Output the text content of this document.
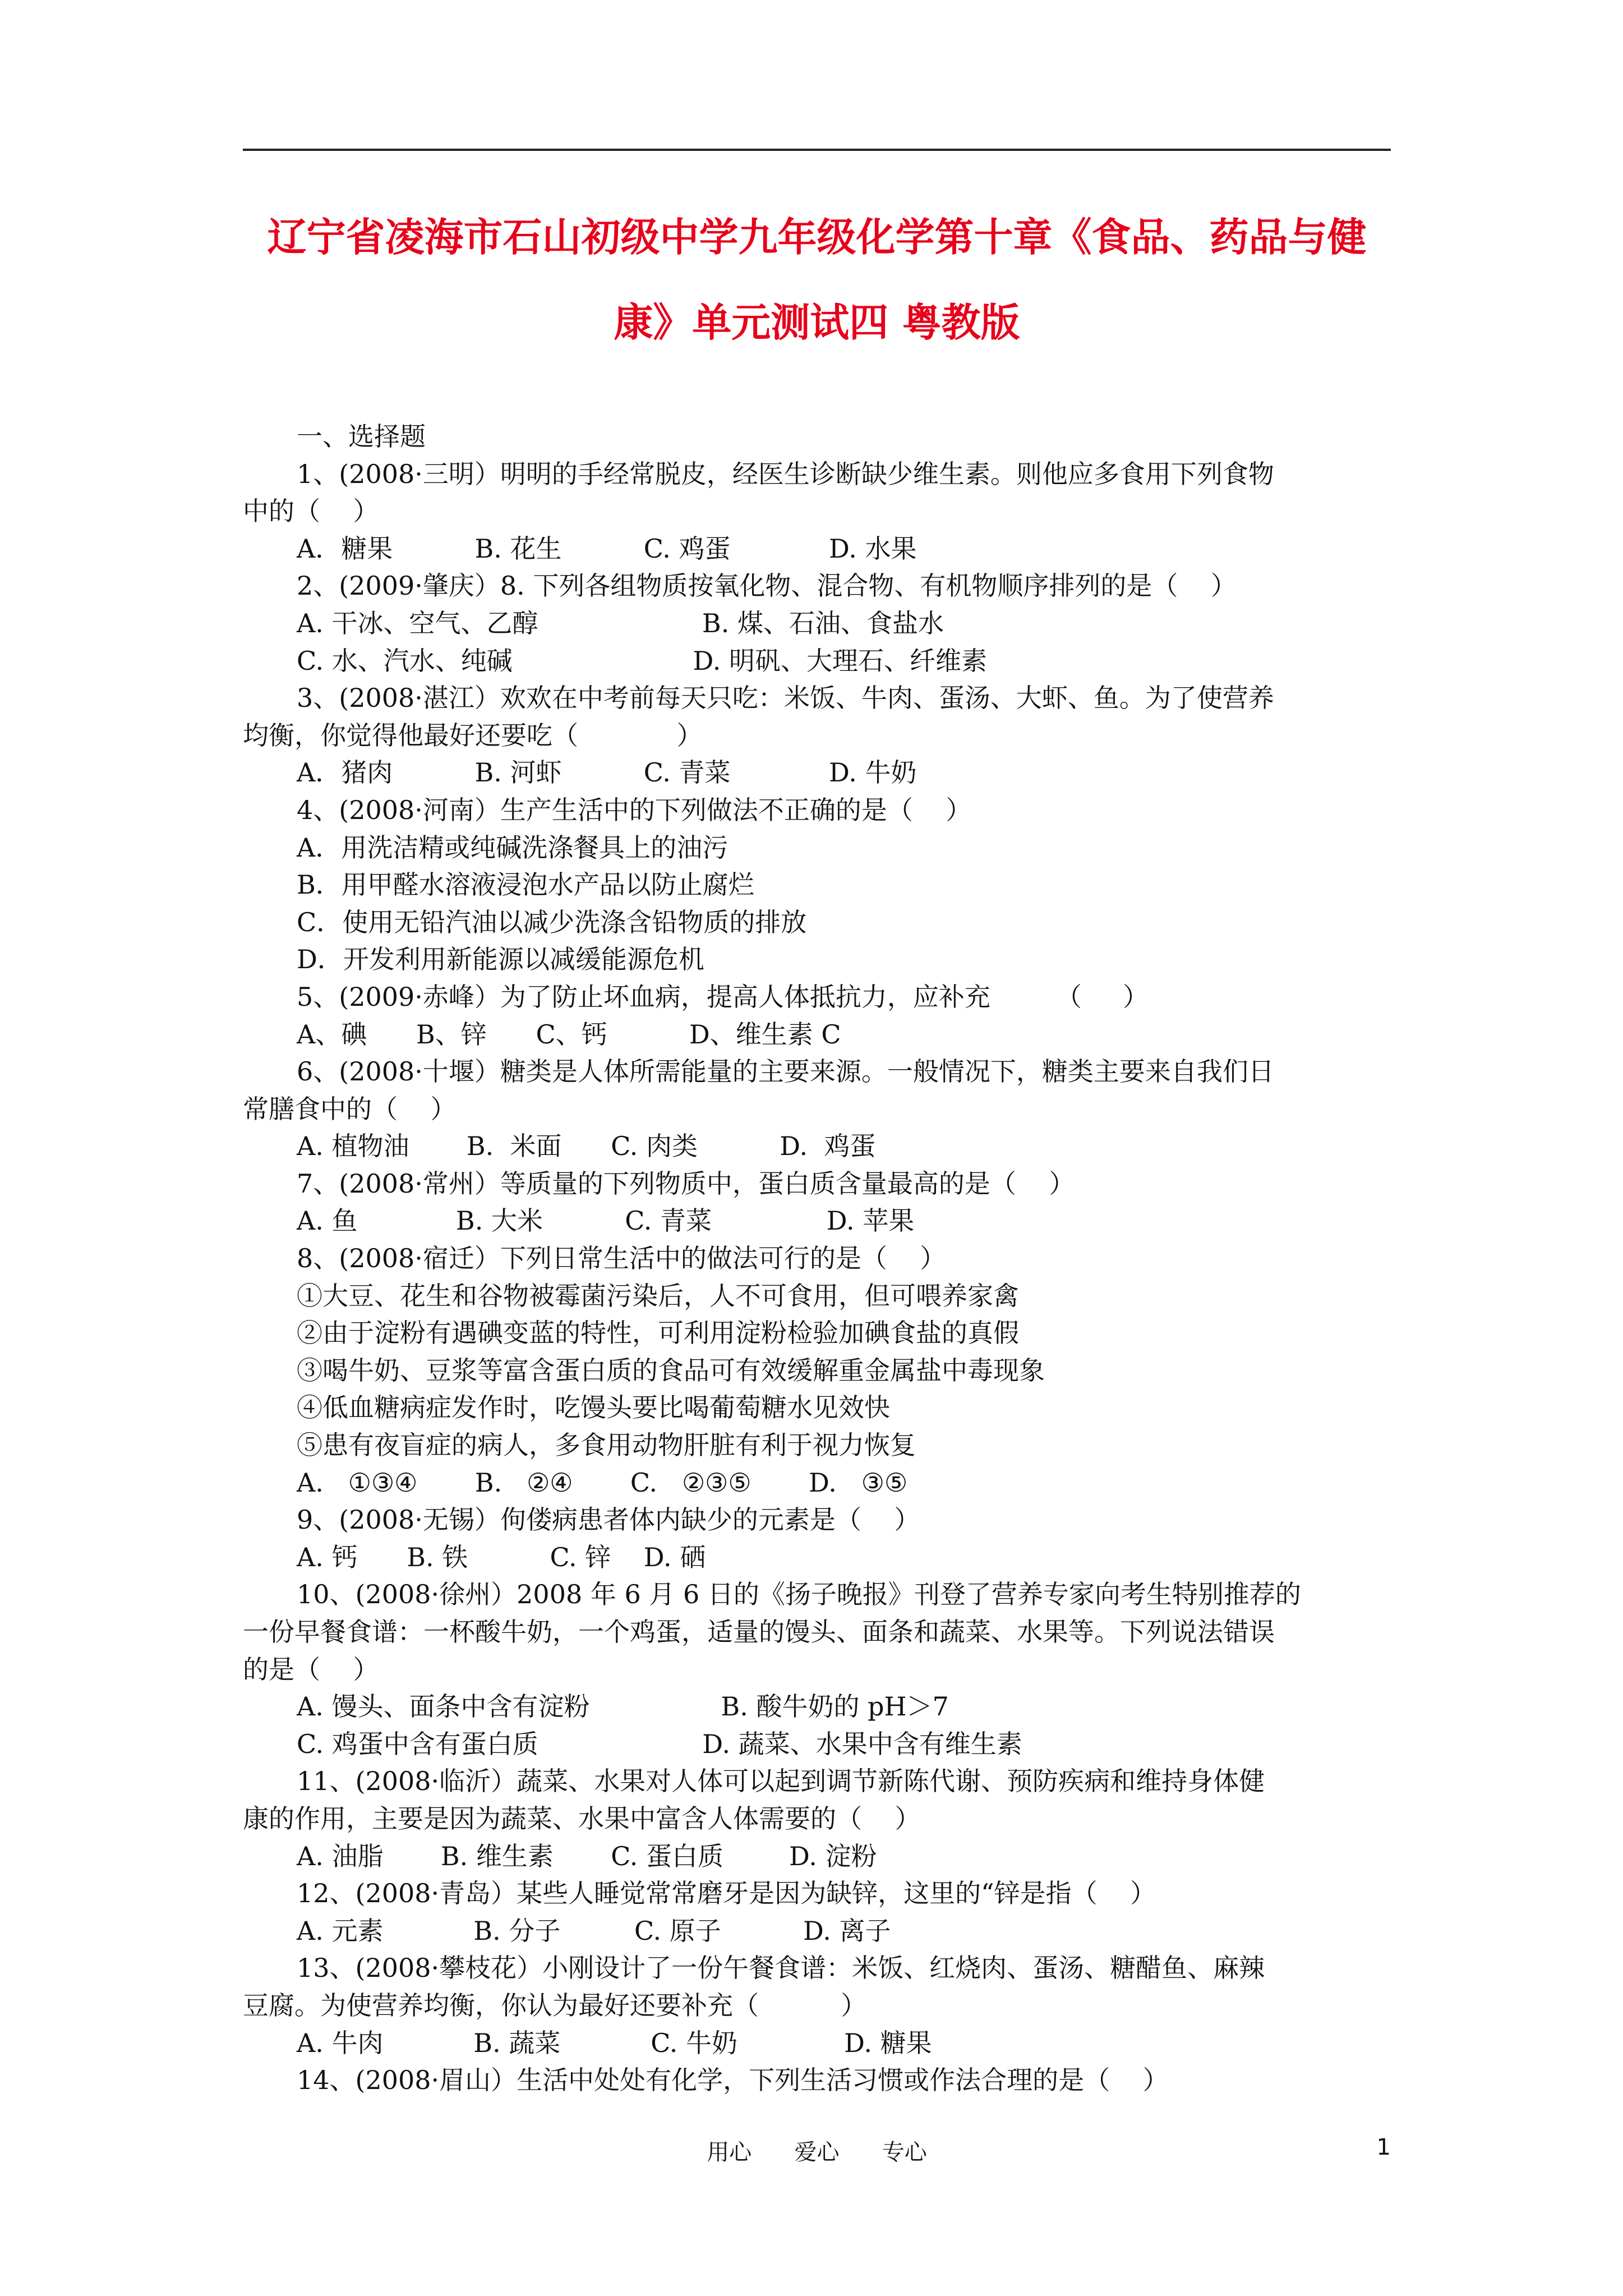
辽宁省凌海市石山初级中学九年级化学第十章《食品、药品与健
康》单元测试四 粤教版
一、选择题
1、(2008·三明）明明的手经常脱皮，经医生诊断缺少维生素。则他应多食用下列食物
中的（    ）
A．糖果          B. 花生          C. 鸡蛋            D. 水果
2、(2009·肇庆）8. 下列各组物质按氧化物、混合物、有机物顺序排列的是（    ）
A. 干冰、空气、乙醇                    B. 煤、石油、食盐水
C. 水、汽水、纯碱                      D. 明矾、大理石、纤维素
3、(2008·湛江）欢欢在中考前每天只吃：米饭、牛肉、蛋汤、大虾、鱼。为了使营养
均衡，你觉得他最好还要吃（            ）
A．猪肉          B. 河虾          C. 青菜            D. 牛奶
4、(2008·河南）生产生活中的下列做法不正确的是（    ）
A．用洗洁精或纯碱洗涤餐具上的油污
B．用甲醛水溶液浸泡水产品以防止腐烂
C．使用无铅汽油以减少洗涤含铅物质的排放
D．开发利用新能源以减缓能源危机
5、(2009·赤峰）为了防止坏血病，提高人体抵抗力，应补充        （     ）
A、碘      B、锌      C、钙          D、维生素 C
6、(2008·十堰）糖类是人体所需能量的主要来源。一般情况下，糖类主要来自我们日
常膳食中的（    ）
A. 植物油       B.  米面      C. 肉类          D.  鸡蛋
7、(2008·常州）等质量的下列物质中，蛋白质含量最高的是（    ）
A. 鱼            B. 大米          C. 青菜              D. 苹果
8、(2008·宿迁）下列日常生活中的做法可行的是（    ）
①大豆、花生和谷物被霉菌污染后，人不可食用，但可喂养家禽
②由于淀粉有遇碘变蓝的特性，可利用淀粉检验加碘食盐的真假
③喝牛奶、豆浆等富含蛋白质的食品可有效缓解重金属盐中毒现象
④低血糖病症发作时，吃馒头要比喝葡萄糖水见效快
⑤患有夜盲症的病人，多食用动物肝脏有利于视力恢复
A.   ①③④       B.   ②④       C.   ②③⑤       D.   ③⑤
9、(2008·无锡）佝偻病患者体内缺少的元素是（    ）
A. 钙      B. 铁          C. 锌    D. 硒
10、(2008·徐州）2008 年 6 月 6 日的《扬子晚报》刊登了营养专家向考生特别推荐的
一份早餐食谱：一杯酸牛奶，一个鸡蛋，适量的馒头、面条和蔬菜、水果等。下列说法错误
的是（    ）
A. 馒头、面条中含有淀粉                B. 酸牛奶的 pH＞7
C. 鸡蛋中含有蛋白质                    D. 蔬菜、水果中含有维生素
11、(2008·临沂）蔬菜、水果对人体可以起到调节新陈代谢、预防疾病和维持身体健
康的作用，主要是因为蔬菜、水果中富含人体需要的（    ）
A. 油脂       B. 维生素       C. 蛋白质        D. 淀粉
12、(2008·青岛）某些人睡觉常常磨牙是因为缺锌，这里的“锌是指（    ）
A. 元素           B. 分子         C. 原子          D. 离子
13、(2008·攀枝花）小刚设计了一份午餐食谱：米饭、红烧肉、蛋汤、糖醋鱼、麻辣
豆腐。为使营养均衡，你认为最好还要补充（          ）
A. 牛肉           B. 蔬菜           C. 牛奶             D. 糖果
14、(2008·眉山）生活中处处有化学，下列生活习惯或作法合理的是（    ）
用心      爱心      专心	1
